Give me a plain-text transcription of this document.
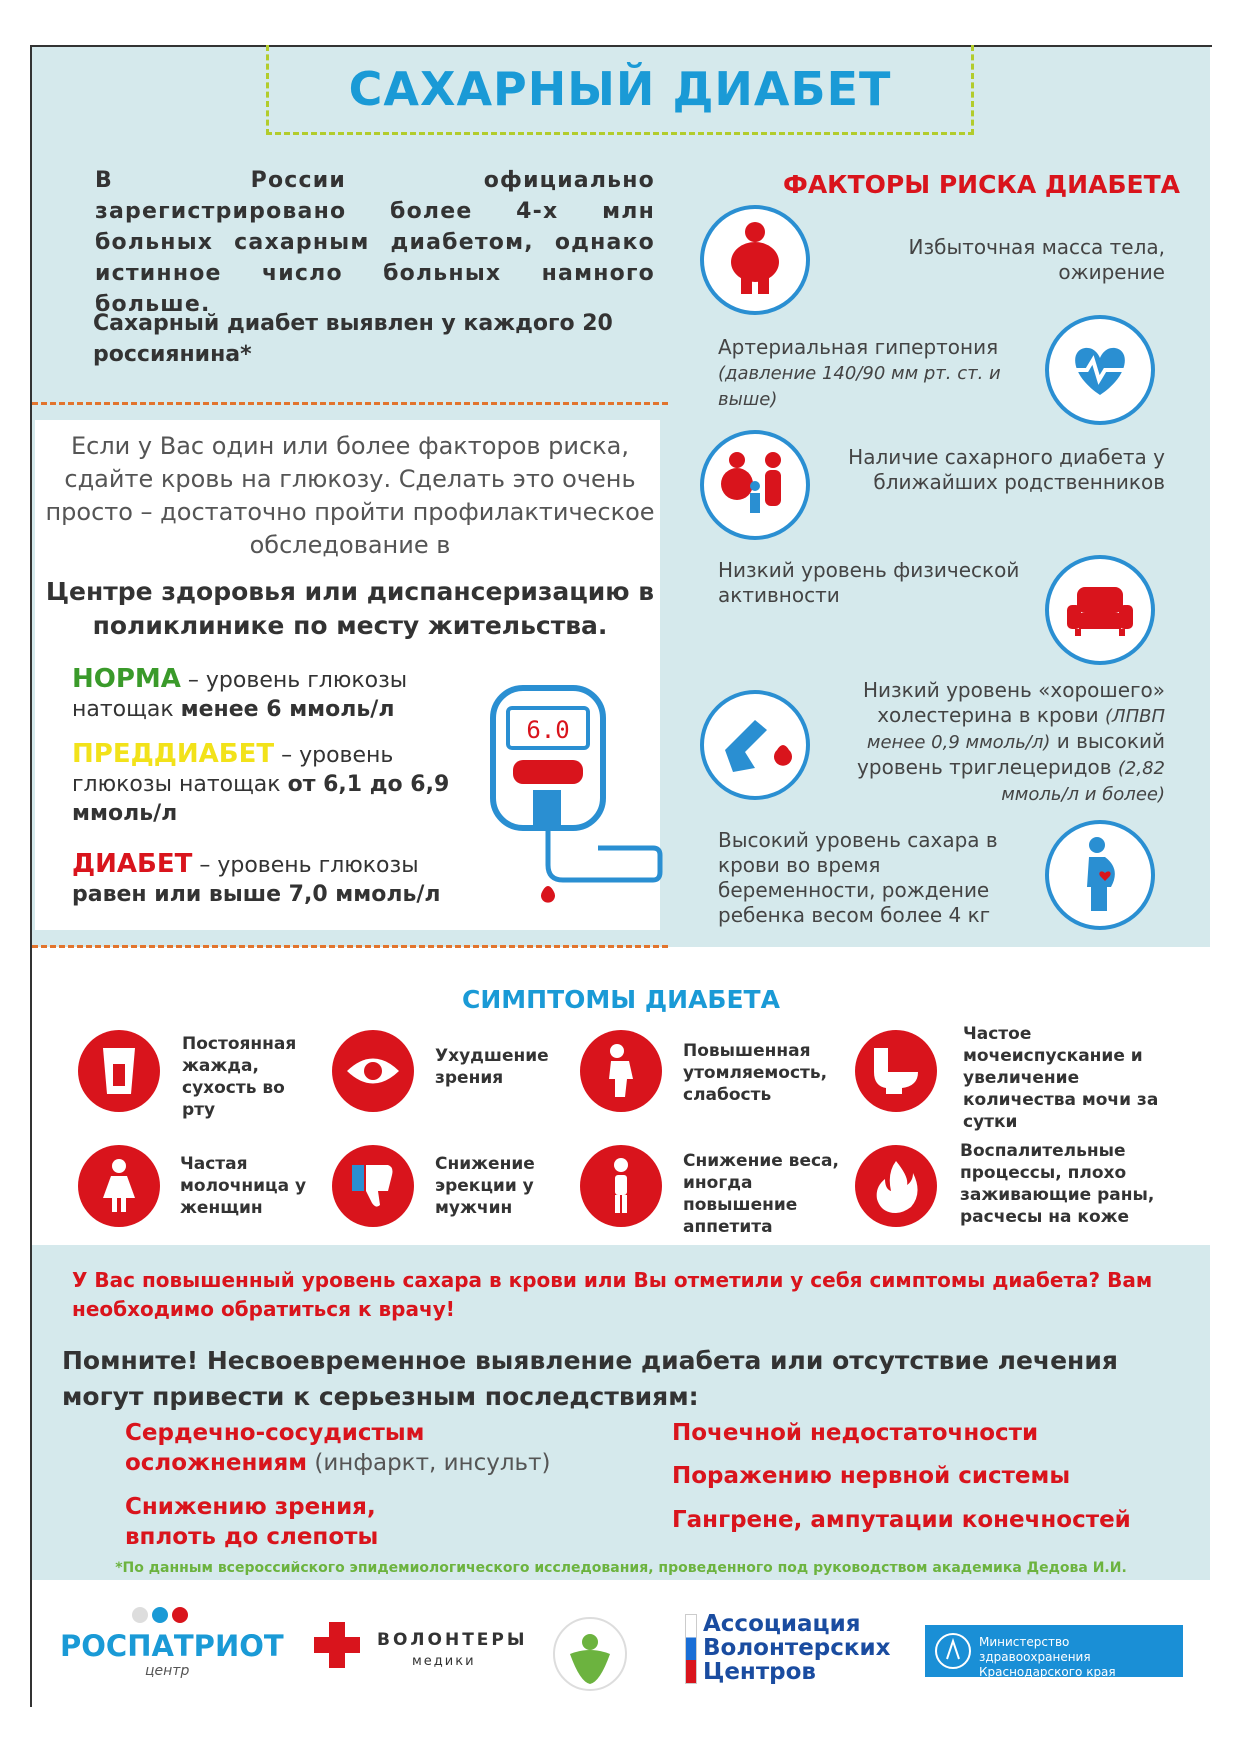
САХАРНЫЙ ДИАБЕТ
В России официально зарегистрировано более 4-х млн больных сахарным диабетом, однако истинное число больных намного больше.
Сахарный диабет выявлен у каждого 20 россиянина*
Если у Вас один или более факторов риска, сдайте кровь на глюкозу. Сделать это очень просто – достаточно пройти профилактическое обследование в
Центре здоровья или диспансеризацию в поликлинике по месту жительства.
НОРМА – уровень глюкозы натощак менее 6 ммоль/л
ПРЕДДИАБЕТ – уровень глюкозы натощак от 6,1 до 6,9 ммоль/л
ДИАБЕТ – уровень глюкозы равен или выше 7,0 ммоль/л
6.0
ФАКТОРЫ РИСКА ДИАБЕТА
Избыточная масса тела, ожирение
Артериальная гипертония
(давление 140/90 мм рт. ст. и выше)
Наличие сахарного диабета у ближайших родственников
Низкий уровень физической активности
Низкий уровень «хорошего» холестерина в крови (ЛПВП менее 0,9 ммоль/л) и высокий уровень триглецеридов (2,82 ммоль/л и более)
Высокий уровень сахара в крови во время беременности, рождение ребенка весом более 4 кг
СИМПТОМЫ ДИАБЕТА
Постоянная жажда, сухость во рту
Ухудшение зрения
Повышенная утомляемость, слабость
Частое мочеиспускание и увеличение количества мочи за сутки
Частая молочница у женщин
Снижение эрекции у мужчин
Снижение веса, иногда повышение аппетита
Воспалительные процессы, плохо заживающие раны, расчесы на коже
У Вас повышенный уровень сахара в крови или Вы отметили у себя симптомы диабета? Вам необходимо обратиться к врачу!
Помните! Несвоевременное выявление диабета или отсутствие лечения могут привести к серьезным последствиям:
Сердечно-сосудистым осложнениям (инфаркт, инсульт)
Снижению зрения, вплоть до слепоты
Почечной недостаточности
Поражению нервной системы
Гангрене, ампутации конечностей
*По данным всероссийского эпидемиологического исследования, проведенного под руководством академика Дедова И.И.
РОСПАТРИОТ
центр
ВОЛОНТЕРЫ
медики
Ассоциация
Волонтерских
Центров
Министерство здравоохранения
Краснодарского края
